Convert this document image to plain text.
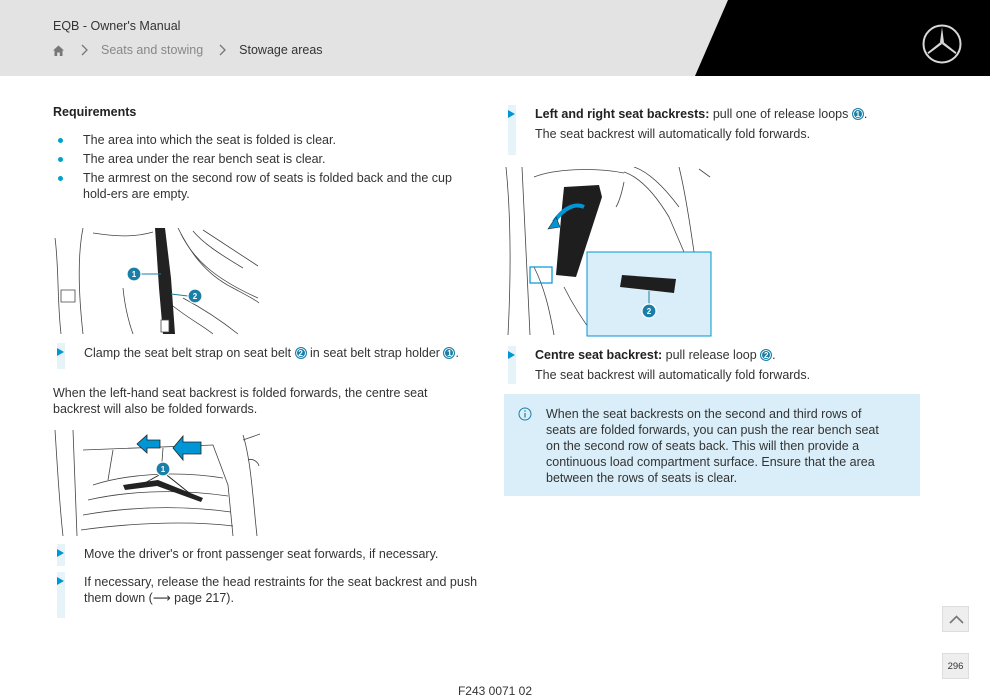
EQB - Owner's Manual
Seats and stowing	Stowage areas
Requirements
The area into which the seat is folded is clear.
The area under the rear bench seat is clear.
The armrest on the second row of seats is folded back and the cup hold-ers are empty.
1
2
Clamp the seat belt strap on seat belt 2 in seat belt strap holder 1 .
When the left-hand seat backrest is folded forwards, the centre seat backrest will also be folded forwards.
1
Move the driver's or front passenger seat forwards, if necessary.
If necessary, release the head restraints for the seat backrest and push them down (⟶ page 217).
Left and right seat backrests: pull one of release loops 1 .
The seat backrest will automatically fold forwards.
2
Centre seat backrest: pull release loop 2 .
The seat backrest will automatically fold forwards.
When the seat backrests on the second and third rows of seats are folded forwards, you can push the rear bench seat on the second row of seats back. This will then provide a continuous load compartment surface. Ensure that the area between the rows of seats is clear.
F243 0071 02
296
